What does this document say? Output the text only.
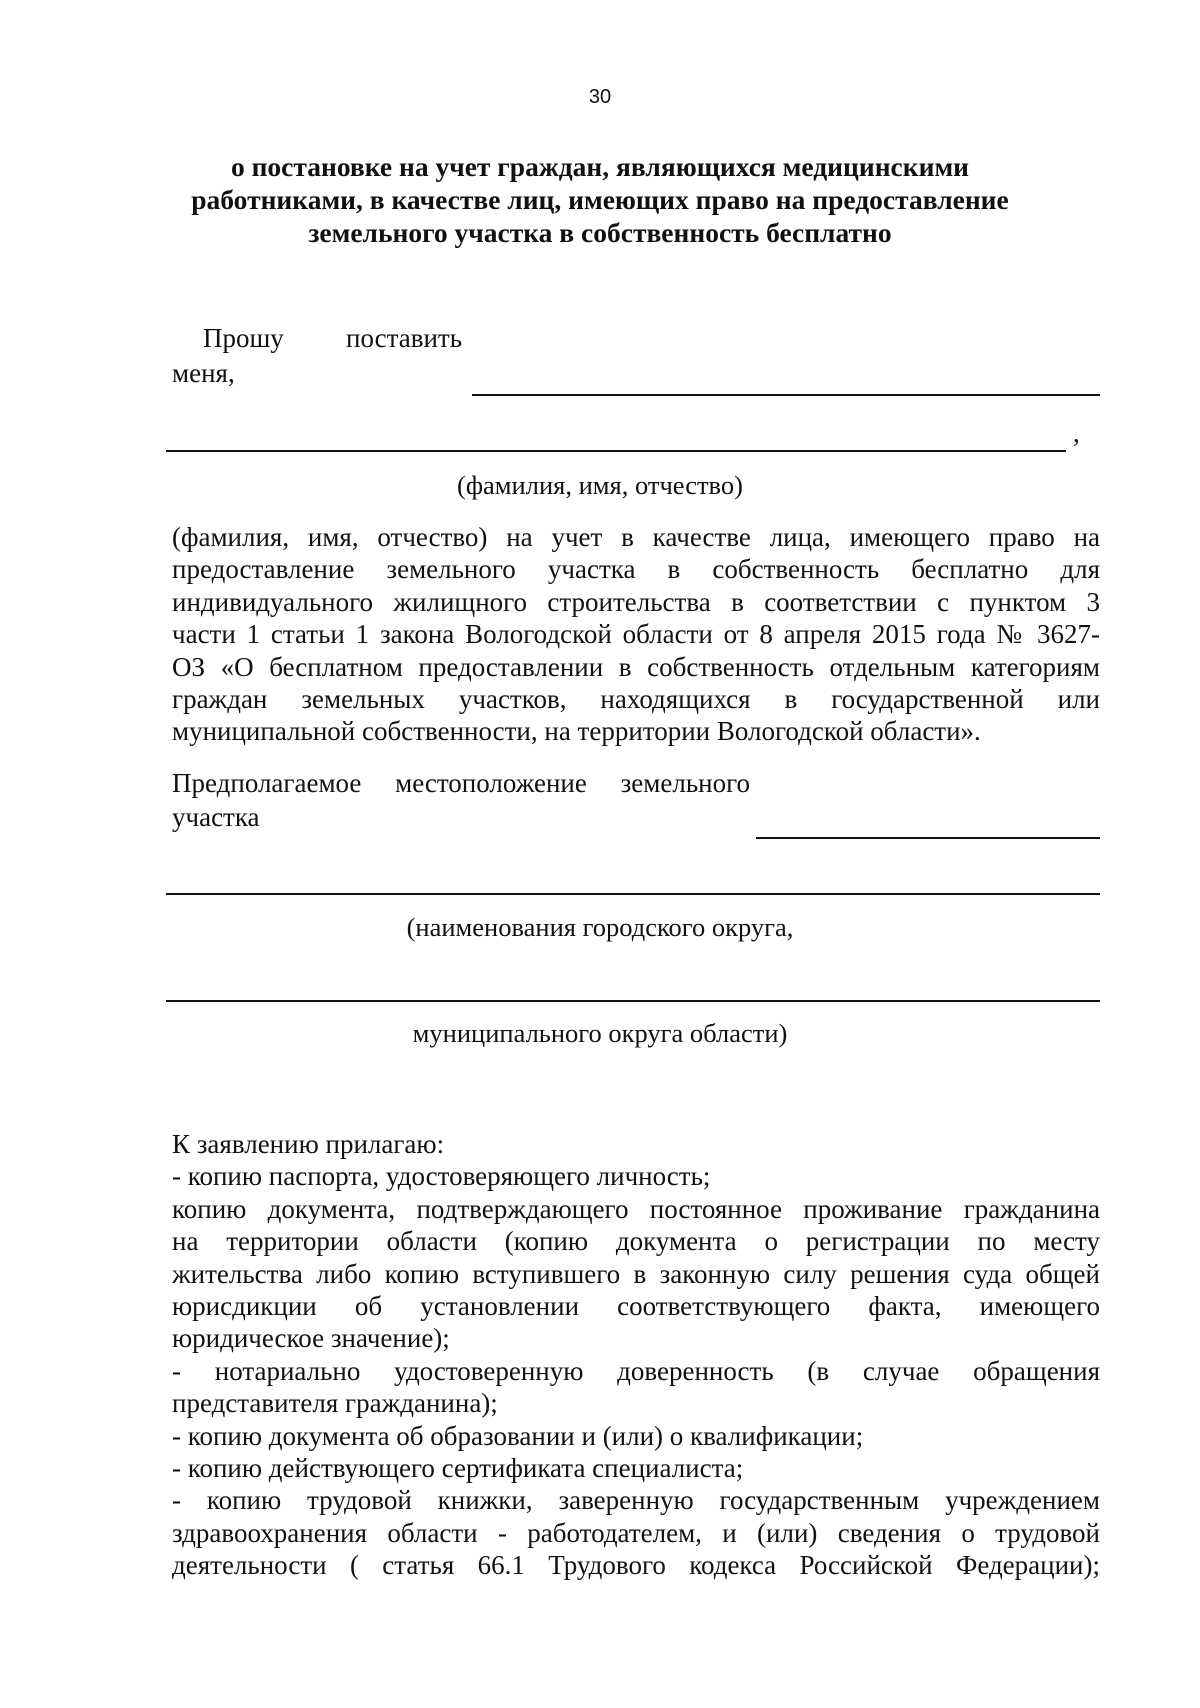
30
о постановке на учет граждан, являющихся медицинскими
работниками, в качестве лиц, имеющих право на предоставление
земельного участка в собственность бесплатно
Прошу поставить
меня,
,
(фамилия, имя, отчество)
(фамилия, имя, отчество) на учет в качестве лица, имеющего право на
предоставление земельного участка в собственность бесплатно для
индивидуального жилищного строительства в соответствии с пунктом 3
части 1 статьи 1 закона Вологодской области от 8 апреля 2015 года № 3627-
ОЗ «О бесплатном предоставлении в собственность отдельным категориям
граждан земельных участков, находящихся в государственной или
муниципальной собственности, на территории Вологодской области».
Предполагаемое местоположение земельного
участка
(наименования городского округа,
муниципального округа области)
К заявлению прилагаю:
- копию паспорта, удостоверяющего личность;
копию документа, подтверждающего постоянное проживание гражданина
на территории области (копию документа о регистрации по месту
жительства либо копию вступившего в законную силу решения суда общей
юрисдикции об установлении соответствующего факта, имеющего
юридическое значение);
- нотариально удостоверенную доверенность (в случае обращения
представителя гражданина);
- копию документа об образовании и (или) о квалификации;
- копию действующего сертификата специалиста;
- копию трудовой книжки, заверенную государственным учреждением
здравоохранения области - работодателем, и (или) сведения о трудовой
деятельности ( статья 66.1 Трудового кодекса Российской Федерации);
